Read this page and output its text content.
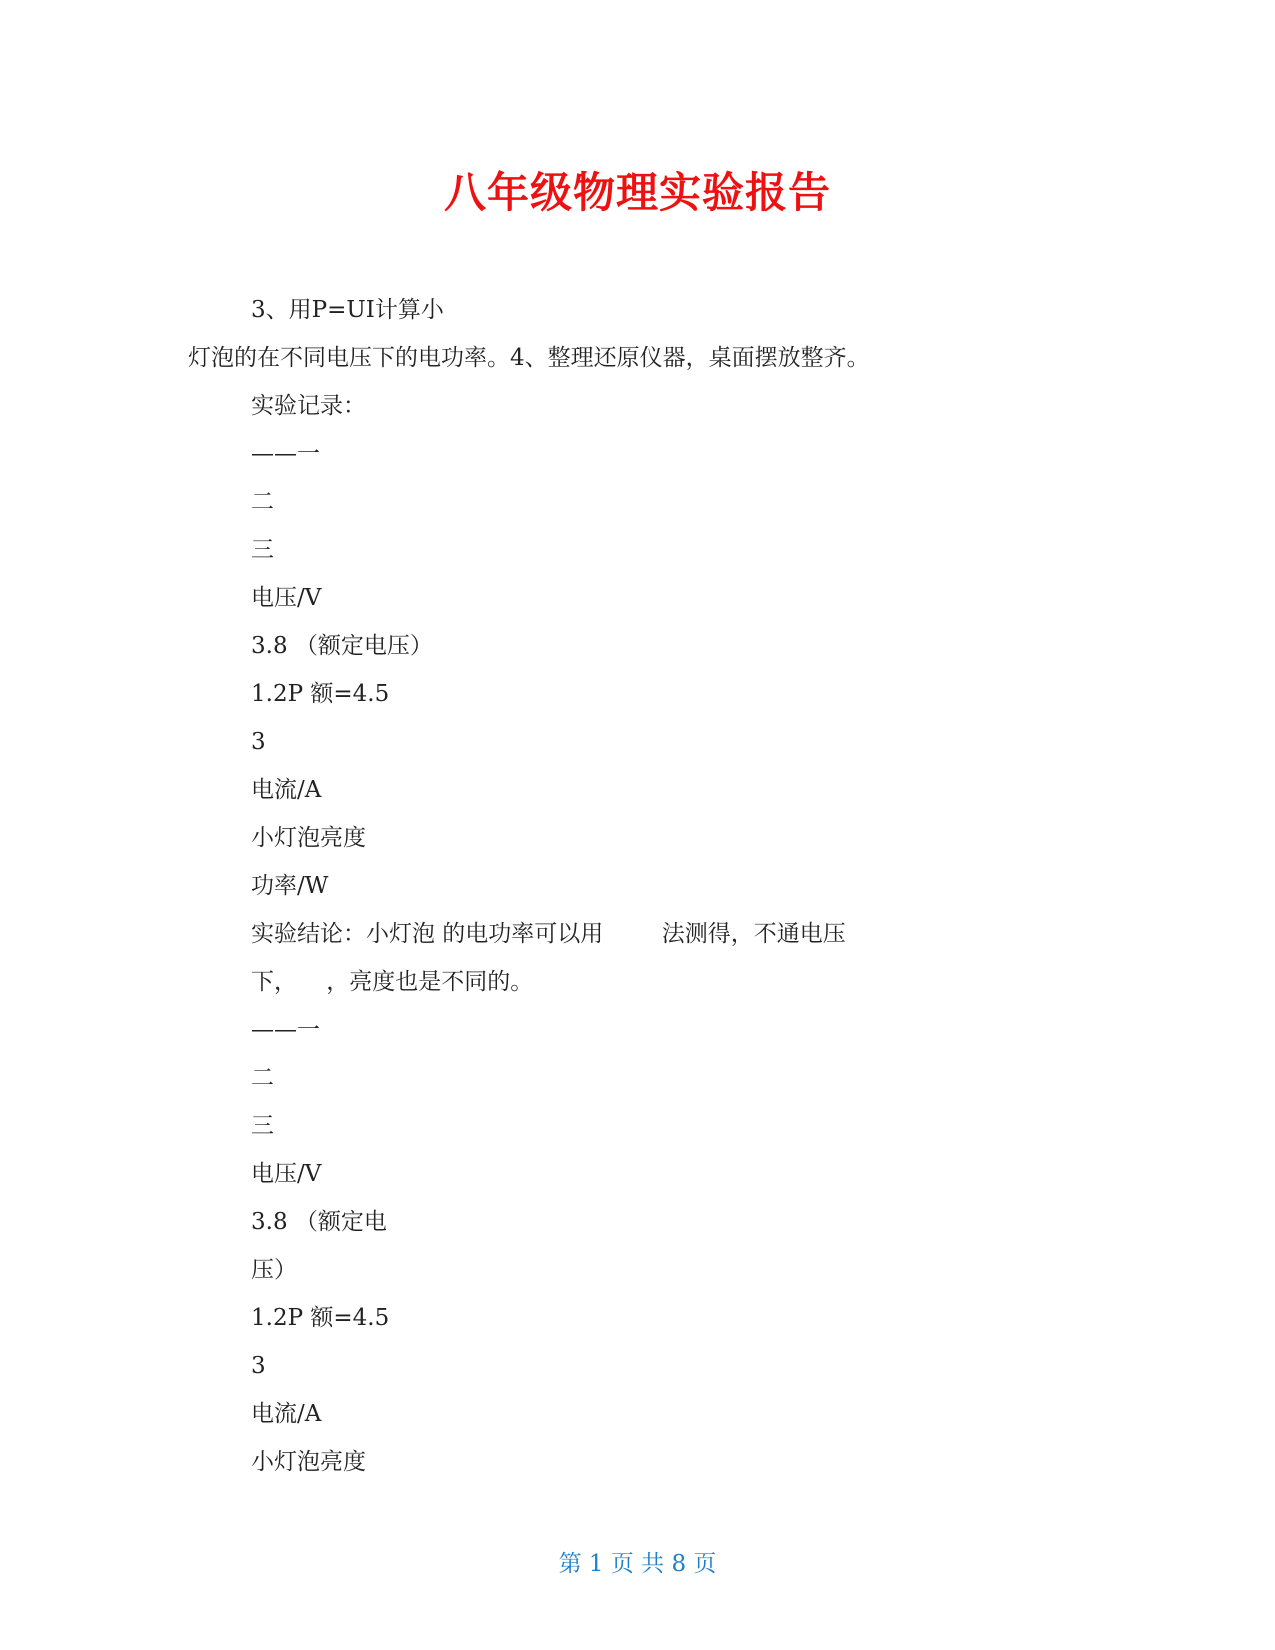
八年级物理实验报告
3、用P=UI计算小
灯泡的在不同电压下的电功率。4、整理还原仪器，桌面摆放整齐。
实验记录：
——一
二
三
电压/V
3.8 （额定电压）
1.2P 额=4.5
3
电流/A
小灯泡亮度
功率/W
实验结论：小灯泡 的电功率可以用        法测得，不通电压
下，    ，亮度也是不同的。
——一
二
三
电压/V
3.8 （额定电
压）
1.2P 额=4.5
3
电流/A
小灯泡亮度
第 1 页 共 8 页
